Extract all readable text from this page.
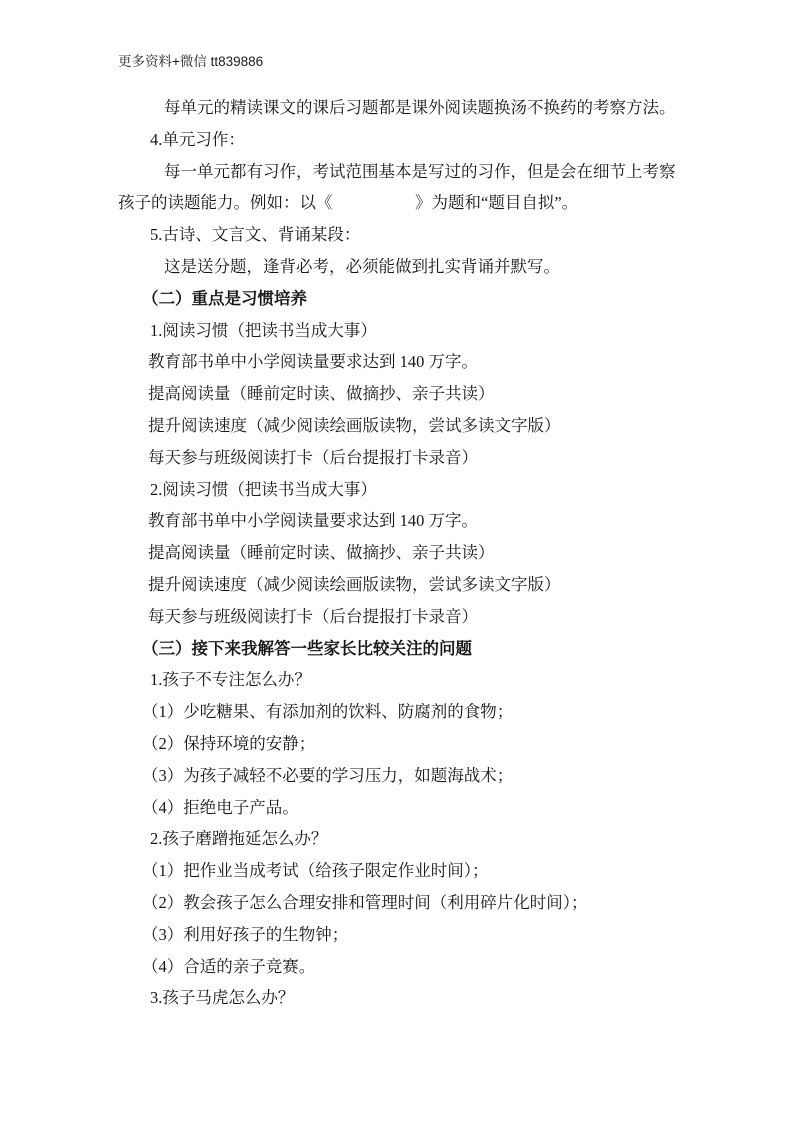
更多资料+微信 tt839886
每单元的精读课文的课后习题都是课外阅读题换汤不换药的考察方法。
4.单元习作：
每一单元都有习作，考试范围基本是写过的习作，但是会在细节上考察
孩子的读题能力。例如：以《　　　　　》为题和“题目自拟”。
5.古诗、文言文、背诵某段：
这是送分题，逢背必考，必须能做到扎实背诵并默写。
（二）重点是习惯培养
1.阅读习惯（把读书当成大事）
教育部书单中小学阅读量要求达到 140 万字。
提高阅读量（睡前定时读、做摘抄、亲子共读）
提升阅读速度（减少阅读绘画版读物，尝试多读文字版）
每天参与班级阅读打卡（后台提报打卡录音）
2.阅读习惯（把读书当成大事）
教育部书单中小学阅读量要求达到 140 万字。
提高阅读量（睡前定时读、做摘抄、亲子共读）
提升阅读速度（减少阅读绘画版读物，尝试多读文字版）
每天参与班级阅读打卡（后台提报打卡录音）
（三）接下来我解答一些家长比较关注的问题
1.孩子不专注怎么办？
（1）少吃糖果、有添加剂的饮料、防腐剂的食物；
（2）保持环境的安静；
（3）为孩子减轻不必要的学习压力，如题海战术；
（4）拒绝电子产品。
2.孩子磨蹭拖延怎么办？
（1）把作业当成考试（给孩子限定作业时间）；
（2）教会孩子怎么合理安排和管理时间（利用碎片化时间）；
（3）利用好孩子的生物钟；
（4）合适的亲子竞赛。
3.孩子马虎怎么办？
